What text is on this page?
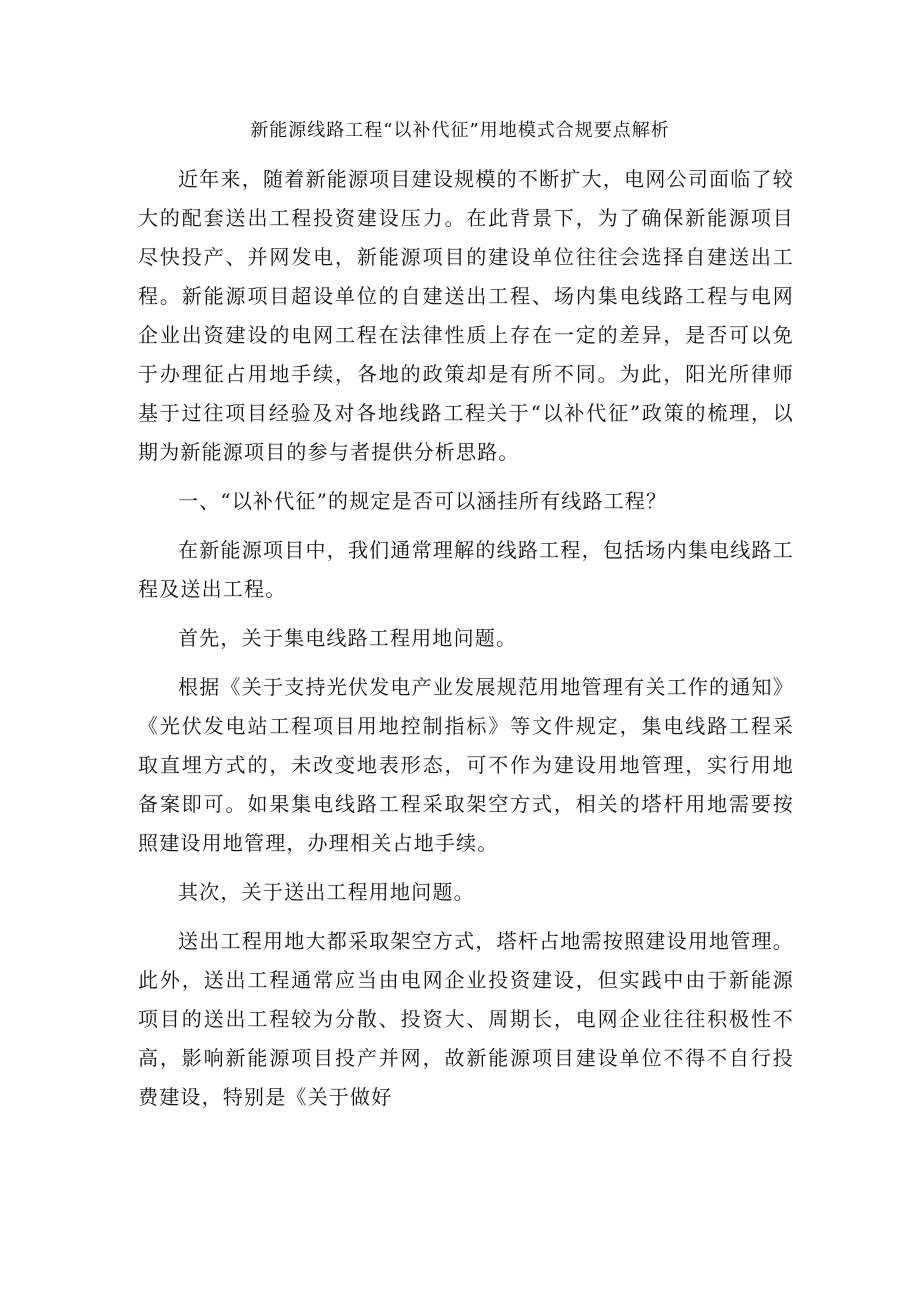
新能源线路工程“以补代征”用地模式合规要点解析

近年来，随着新能源项目建设规模的不断扩大，电网公司面临了较大的配套送出工程投资建设压力。在此背景下，为了确保新能源项目尽快投产、并网发电，新能源项目的建设单位往往会选择自建送出工程。新能源项目超设单位的自建送出工程、场内集电线路工程与电网企业出资建设的电网工程在法律性质上存在一定的差异，是否可以免于办理征占用地手续，各地的政策却是有所不同。为此，阳光所律师基于过往项目经验及对各地线路工程关于“以补代征”政策的梳理，以期为新能源项目的参与者提供分析思路。

一、“以补代征”的规定是否可以涵挂所有线路工程？

在新能源项目中，我们通常理解的线路工程，包括场内集电线路工程及送出工程。

首先，关于集电线路工程用地问题。

根据《关于支持光伏发电产业发展规范用地管理有关工作的通知》《光伏发电站工程项目用地控制指标》等文件规定，集电线路工程采取直埋方式的，未改变地表形态，可不作为建设用地管理，实行用地备案即可。如果集电线路工程采取架空方式，相关的塔杆用地需要按照建设用地管理，办理相关占地手续。

其次，关于送出工程用地问题。

送出工程用地大都采取架空方式，塔杆占地需按照建设用地管理。此外，送出工程通常应当由电网企业投资建设，但实践中由于新能源项目的送出工程较为分散、投资大、周期长，电网企业往往积极性不高，影响新能源项目投产并网，故新能源项目建设单位不得不自行投费建设，特别是《关于做好
